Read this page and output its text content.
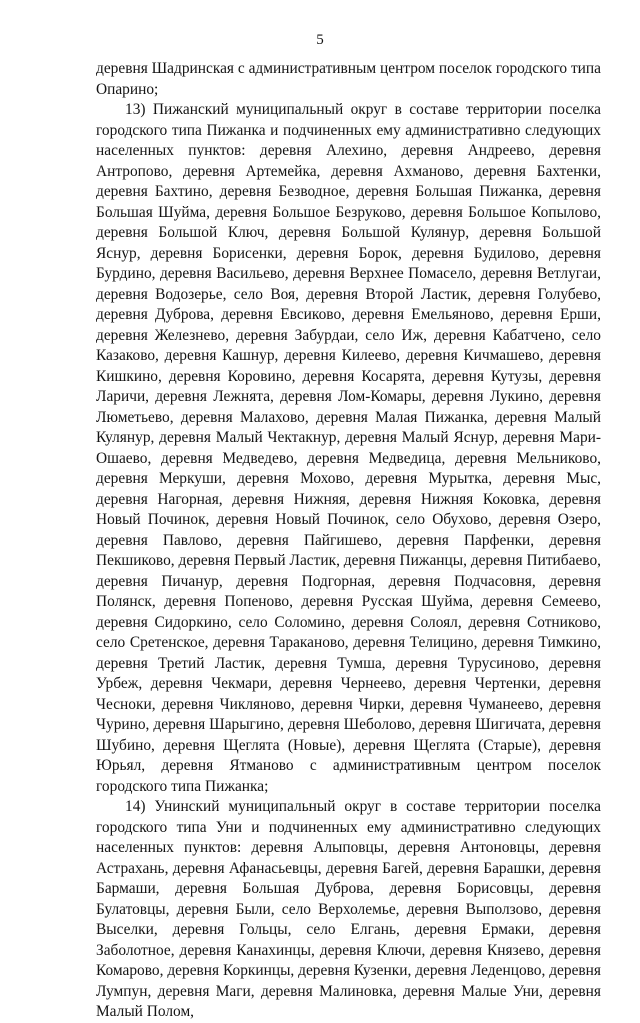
5

деревня Шадринская с административным центром поселок городского типа Опарино;

13) Пижанский муниципальный округ в составе территории поселка городского типа Пижанка и подчиненных ему административно следующих населенных пунктов: деревня Алехино, деревня Андреево, деревня Антропово, деревня Артемейка, деревня Ахманово, деревня Бахтенки, деревня Бахтино, деревня Безводное, деревня Большая Пижанка, деревня Большая Шуйма, деревня Большое Безруково, деревня Большое Копылово, деревня Большой Ключ, деревня Большой Кулянур, деревня Большой Яснур, деревня Борисенки, деревня Борок, деревня Будилово, деревня Бурдино, деревня Васильево, деревня Верхнее Помасело, деревня Ветлугаи, деревня Водозерье, село Воя, деревня Второй Ластик, деревня Голубево, деревня Дуброва, деревня Евсиково, деревня Емельяново, деревня Ерши, деревня Железнево, деревня Забурдаи, село Иж, деревня Кабатчено, село Казаково, деревня Кашнур, деревня Килеево, деревня Кичмашево, деревня Кишкино, деревня Коровино, деревня Косарята, деревня Кутузы, деревня Ларичи, деревня Лежнята, деревня Лом-Комары, деревня Лукино, деревня Люметьево, деревня Малахово, деревня Малая Пижанка, деревня Малый Кулянур, деревня Малый Чектакнур, деревня Малый Яснур, деревня Мари-Ошаево, деревня Медведево, деревня Медведица, деревня Мельниково, деревня Меркуши, деревня Мохово, деревня Мурытка, деревня Мыс, деревня Нагорная, деревня Нижняя, деревня Нижняя Коковка, деревня Новый Починок, деревня Новый Починок, село Обухово, деревня Озеро, деревня Павлово, деревня Пайгишево, деревня Парфенки, деревня Пекшиково, деревня Первый Ластик, деревня Пижанцы, деревня Питибаево, деревня Пичанур, деревня Подгорная, деревня Подчасовня, деревня Полянск, деревня Попеново, деревня Русская Шуйма, деревня Семеево, деревня Сидоркино, село Соломино, деревня Солоял, деревня Сотниково, село Сретенское, деревня Тараканово, деревня Телицино, деревня Тимкино, деревня Третий Ластик, деревня Тумша, деревня Турусиново, деревня Урбеж, деревня Чекмари, деревня Чернеево, деревня Чертенки, деревня Чесноки, деревня Чикляново, деревня Чирки, деревня Чуманеево, деревня Чурино, деревня Шарыгино, деревня Шеболово, деревня Шигичата, деревня Шубино, деревня Щеглята (Новые), деревня Щеглята (Старые), деревня Юрьял, деревня Ятманово с административным центром поселок городского типа Пижанка;

14) Унинский муниципальный округ в составе территории поселка городского типа Уни и подчиненных ему административно следующих населенных пунктов: деревня Алыповцы, деревня Антоновцы, деревня Астрахань, деревня Афанасьевцы, деревня Багей, деревня Барашки, деревня Бармаши, деревня Большая Дуброва, деревня Борисовцы, деревня Булатовцы, деревня Были, село Верхолемье, деревня Выползово, деревня Выселки, деревня Гольцы, село Елгань, деревня Ермаки, деревня Заболотное, деревня Канахинцы, деревня Ключи, деревня Князево, деревня Комарово, деревня Коркинцы, деревня Кузенки, деревня Леденцово, деревня Лумпун, деревня Маги, деревня Малиновка, деревня Малые Уни, деревня Малый Полом,
